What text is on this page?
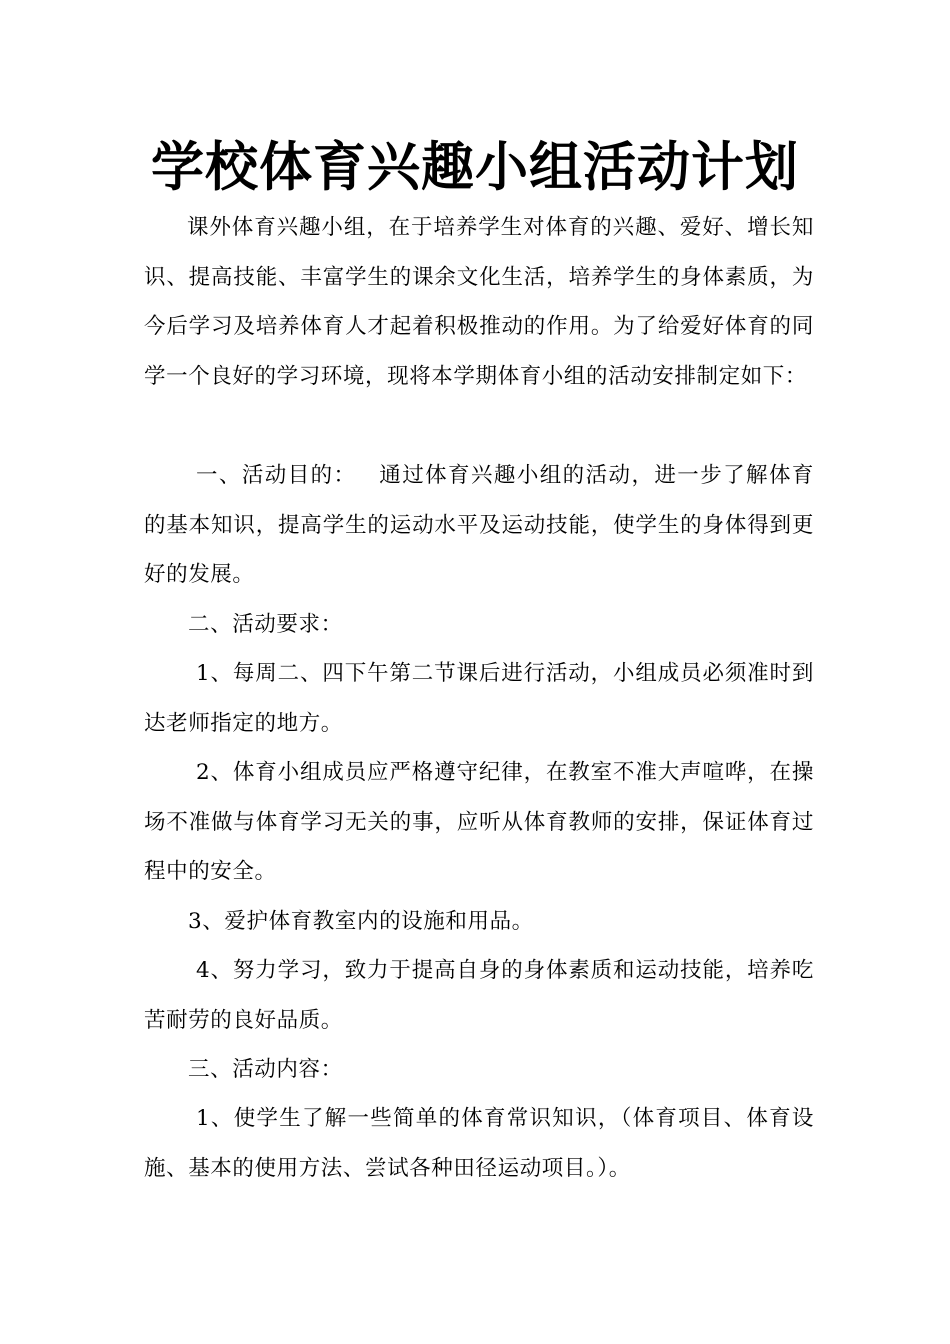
学校体育兴趣小组活动计划

课外体育兴趣小组，在于培养学生对体育的兴趣、爱好、增长知识、提高技能、丰富学生的课余文化生活，培养学生的身体素质，为今后学习及培养体育人才起着积极推动的作用。为了给爱好体育的同学一个良好的学习环境，现将本学期体育小组的活动安排制定如下：

一、活动目的： 通过体育兴趣小组的活动，进一步了解体育的基本知识，提高学生的运动水平及运动技能，使学生的身体得到更好的发展。

二、活动要求：

1、每周二、四下午第二节课后进行活动，小组成员必须准时到达老师指定的地方。

2、体育小组成员应严格遵守纪律，在教室不准大声喧哗，在操场不准做与体育学习无关的事，应听从体育教师的安排，保证体育过程中的安全。

3、爱护体育教室内的设施和用品。

4、努力学习，致力于提高自身的身体素质和运动技能，培养吃苦耐劳的良好品质。

三、活动内容：

1、使学生了解一些简单的体育常识知识，（体育项目、体育设施、基本的使用方法、尝试各种田径运动项目。）。
